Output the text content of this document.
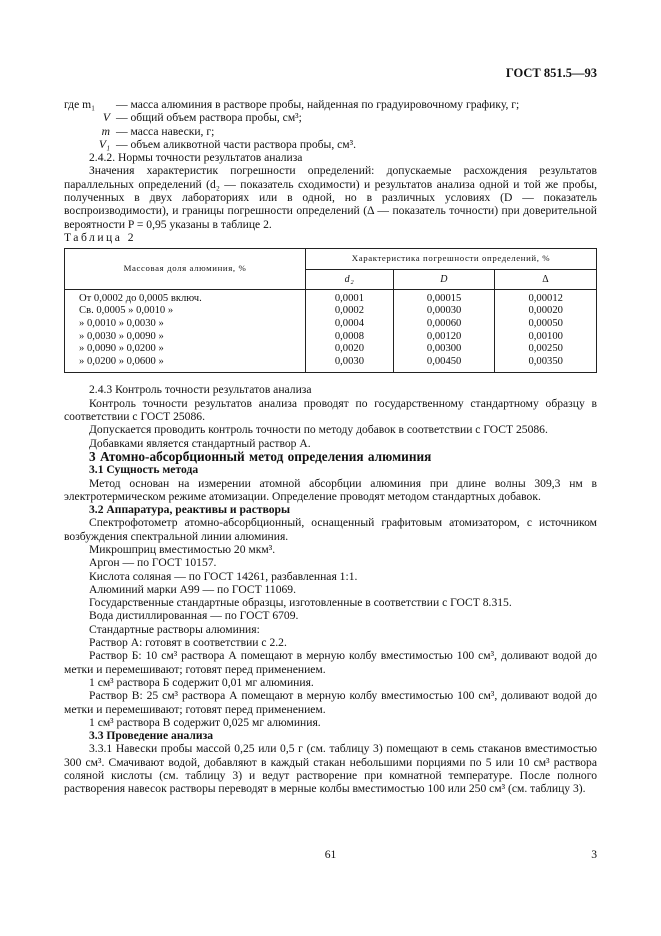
ГОСТ 851.5—93
где m₁	— масса алюминия в растворе пробы, найденная по градуировочному графику, г;
V — общий объем раствора пробы, см³;
m — масса навески, г;
V₁ — объем аликвотной части раствора пробы, см³.

2.4.2. Нормы точности результатов анализа

Значения характеристик погрешности определений: допускаемые расхождения результатов параллельных определений (d₂ — показатель сходимости) и результатов анализа одной и той же пробы, полученных в двух лабораториях или в одной, но в различных условиях (D — показатель воспроизводимости), и границы погрешности определений (Δ — показатель точности) при доверительной вероятности P = 0,95 указаны в таблице 2.

Таблица 2

Массовая доля алюминия, %	Характеристика погрешности определений, %		
	d₂	D	Δ
От 0,0002 до 0,0005 включ.	0,0001	0,00015	0,00012
Св. 0,0005 » 0,0010 »	0,0002	0,00030	0,00020
» 0,0010 » 0,0030 »	0,0004	0,00060	0,00050
» 0,0030 » 0,0090 »	0,0008	0,00120	0,00100
» 0,0090 » 0,0200 »	0,0020	0,00300	0,00250
» 0,0200 » 0,0600 »	0,0030	0,00450	0,00350

2.4.3 Контроль точности результатов анализа

Контроль точности результатов анализа проводят по государственному стандартному образцу в соответствии с ГОСТ 25086.

Допускается проводить контроль точности по методу добавок в соответствии с ГОСТ 25086.

Добавками является стандартный раствор А.

3 Атомно-абсорбционный метод определения алюминия

3.1 Сущность метода

Метод основан на измерении атомной абсорбции алюминия при длине волны 309,3 нм в электротермическом режиме атомизации. Определение проводят методом стандартных добавок.

3.2 Аппаратура, реактивы и растворы

Спектрофотометр атомно-абсорбционный, оснащенный графитовым атомизатором, с источником возбуждения спектральной линии алюминия.

Микрошприц вместимостью 20 мкм³.

Аргон — по ГОСТ 10157.

Кислота соляная — по ГОСТ 14261, разбавленная 1:1.

Алюминий марки А99 — по ГОСТ 11069.

Государственные стандартные образцы, изготовленные в соответствии с ГОСТ 8.315.

Вода дистиллированная — по ГОСТ 6709.

Стандартные растворы алюминия:

Раствор А: готовят в соответствии с 2.2.

Раствор Б: 10 см³ раствора А помещают в мерную колбу вместимостью 100 см³, доливают водой до метки и перемешивают; готовят перед применением.

1 см³ раствора Б содержит 0,01 мг алюминия.

Раствор В: 25 см³ раствора А помещают в мерную колбу вместимостью 100 см³, доливают водой до метки и перемешивают; готовят перед применением.

1 см³ раствора В содержит 0,025 мг алюминия.

3.3 Проведение анализа

3.3.1 Навески пробы массой 0,25 или 0,5 г (см. таблицу 3) помещают в семь стаканов вместимостью 300 см³. Смачивают водой, добавляют в каждый стакан небольшими порциями по 5 или 10 см³ раствора соляной кислоты (см. таблицу 3) и ведут растворение при комнатной температуре. После полного растворения навесок растворы переводят в мерные колбы вместимостью 100 или 250 см³ (см. таблицу 3).

61	3
